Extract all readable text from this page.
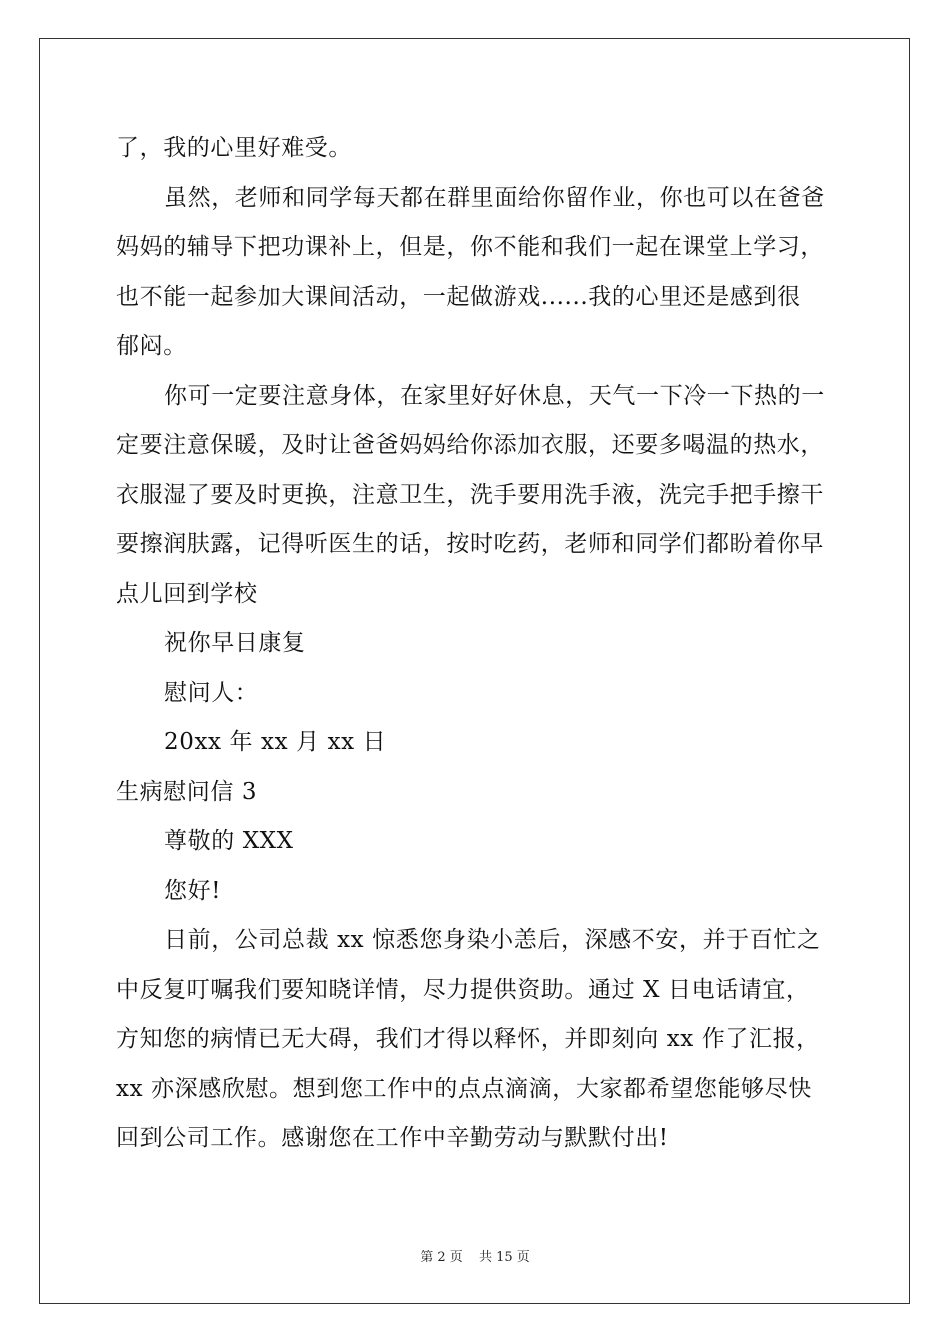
了，我的心里好难受。
虽然，老师和同学每天都在群里面给你留作业，你也可以在爸爸
妈妈的辅导下把功课补上，但是，你不能和我们一起在课堂上学习，
也不能一起参加大课间活动，一起做游戏......我的心里还是感到很
郁闷。
你可一定要注意身体，在家里好好休息，天气一下冷一下热的一
定要注意保暖，及时让爸爸妈妈给你添加衣服，还要多喝温的热水，
衣服湿了要及时更换，注意卫生，洗手要用洗手液，洗完手把手擦干
要擦润肤露，记得听医生的话，按时吃药，老师和同学们都盼着你早
点儿回到学校
祝你早日康复
慰问人：
20xx 年 xx 月 xx 日
生病慰问信 3
尊敬的 XXX
您好!
日前，公司总裁 xx 惊悉您身染小恙后，深感不安，并于百忙之
中反复叮嘱我们要知晓详情，尽力提供资助。通过 X 日电话请宜，
方知您的病情已无大碍，我们才得以释怀，并即刻向 xx 作了汇报，
xx 亦深感欣慰。想到您工作中的点点滴滴，大家都希望您能够尽快
回到公司工作。感谢您在工作中辛勤劳动与默默付出!
第 2 页 共 15 页
